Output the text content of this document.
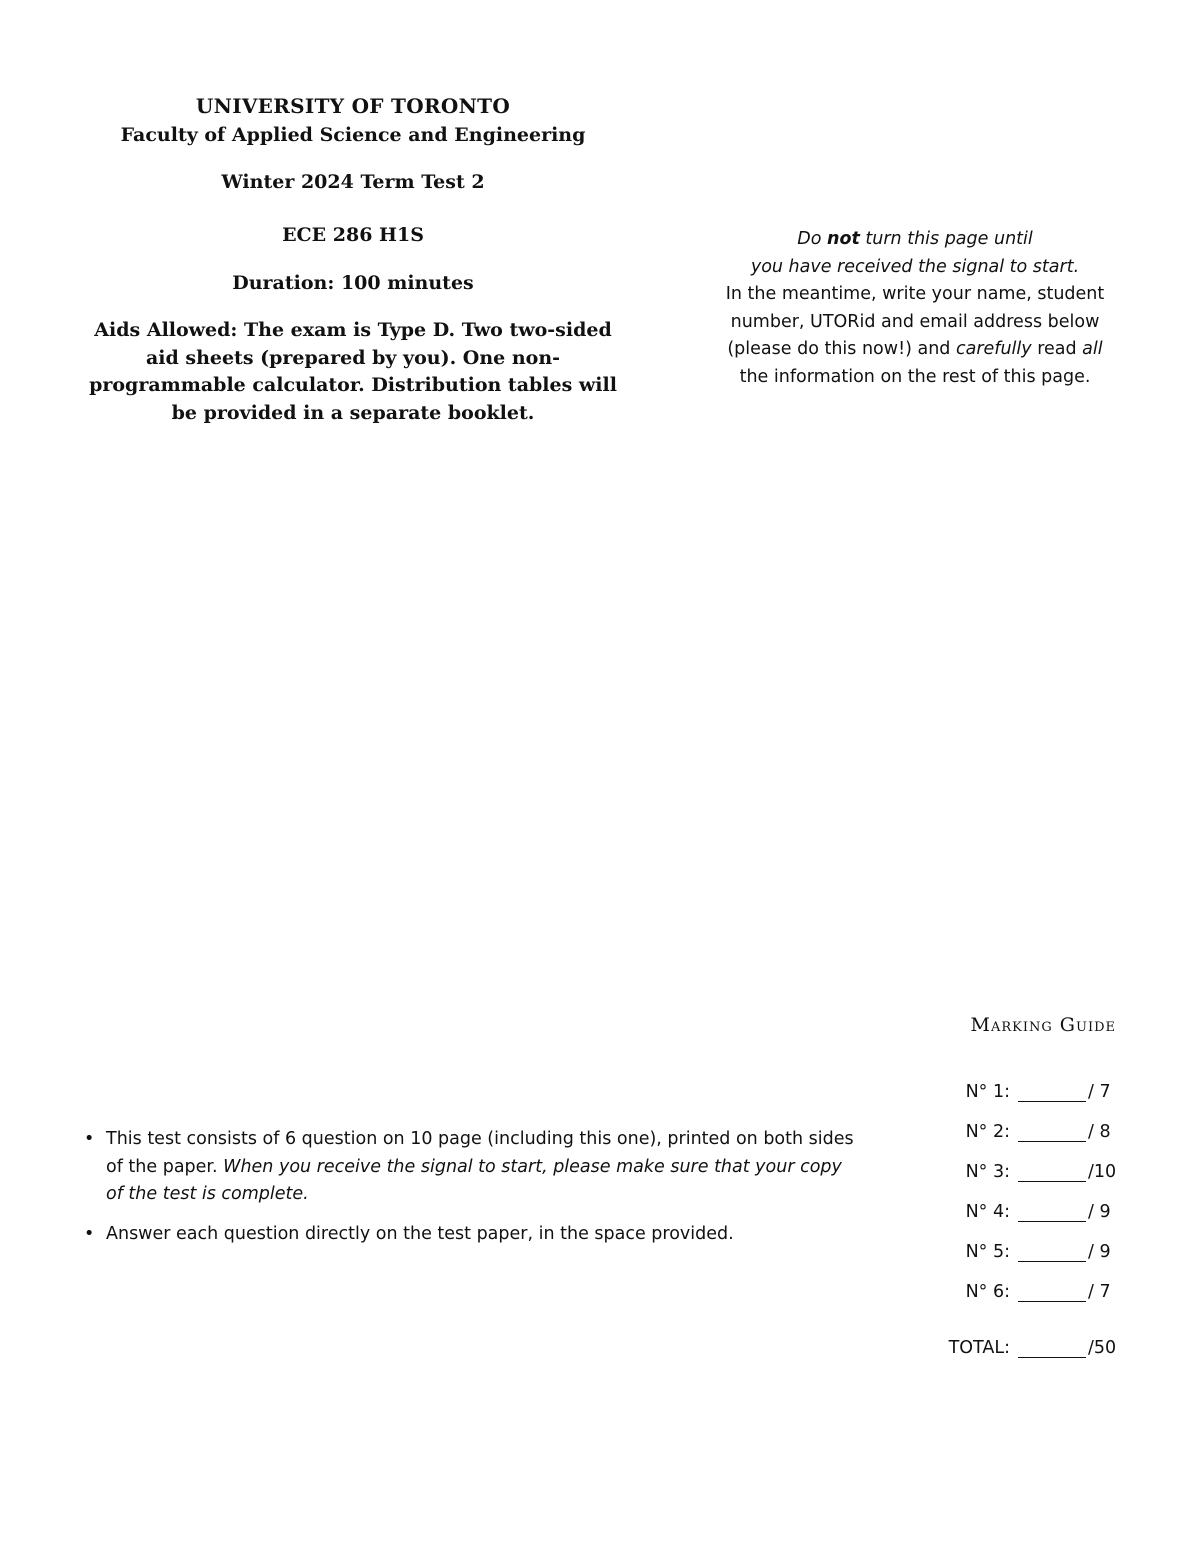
UNIVERSITY OF TORONTO
Faculty of Applied Science and Engineering
Winter 2024 Term Test 2
ECE 286 H1S
Duration: 100 minutes
Aids Allowed: The exam is Type D. Two two-sided aid sheets (prepared by you). One non-programmable calculator. Distribution tables will be provided in a separate booklet.
Do not turn this page until
you have received the signal to start.
In the meantime, write your name, student
number, UTORid and email address below
(please do this now!) and carefully read all
the information on the rest of this page.
Marking Guide
N° 1:	/ 7
N° 2:	/ 8
N° 3:	/10
N° 4:	/ 9
N° 5:	/ 9
N° 6:	/ 7
TOTAL:	/50
• This test consists of 6 question on 10 page (including this one), printed on both sides of the paper. When you receive the signal to start, please make sure that your copy of the test is complete.
• Answer each question directly on the test paper, in the space provided.
